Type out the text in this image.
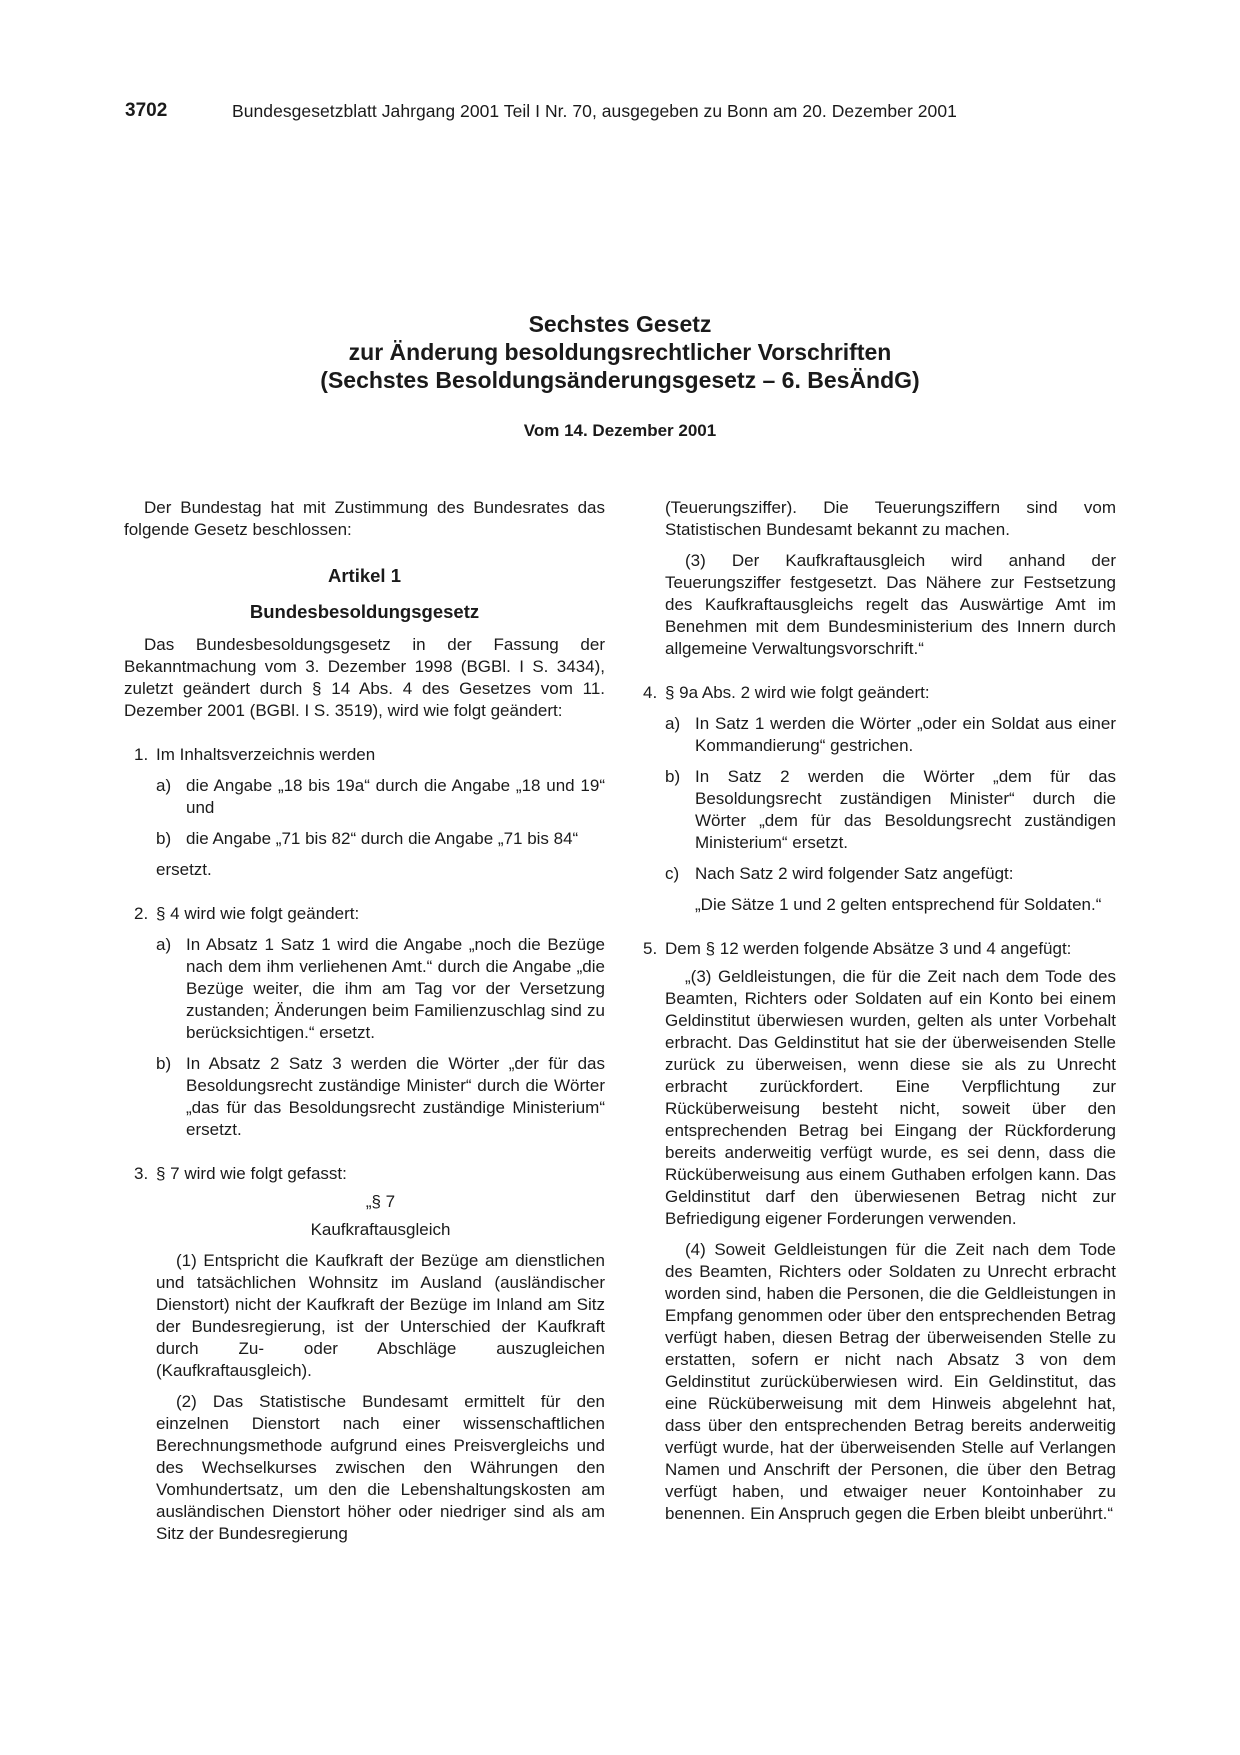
3702	Bundesgesetzblatt Jahrgang 2001 Teil I Nr. 70, ausgegeben zu Bonn am 20. Dezember 2001

Sechstes Gesetz

zur Änderung besoldungsrechtlicher Vorschriften

(Sechstes Besoldungsänderungsgesetz – 6. BesÄndG)

Vom 14. Dezember 2001

Der Bundestag hat mit Zustimmung des Bundesrates das folgende Gesetz beschlossen:

Artikel 1

Bundesbesoldungsgesetz

Das Bundesbesoldungsgesetz in der Fassung der Bekanntmachung vom 3. Dezember 1998 (BGBl. I S. 3434), zuletzt geändert durch § 14 Abs. 4 des Gesetzes vom 11. Dezember 2001 (BGBl. I S. 3519), wird wie folgt geändert:

1. Im Inhaltsverzeichnis werden

a) die Angabe „18 bis 19a“ durch die Angabe „18 und 19“ und

b) die Angabe „71 bis 82“ durch die Angabe „71 bis 84“

ersetzt.

2. § 4 wird wie folgt geändert:

a) In Absatz 1 Satz 1 wird die Angabe „noch die Bezüge nach dem ihm verliehenen Amt.“ durch die Angabe „die Bezüge weiter, die ihm am Tag vor der Versetzung zustanden; Änderungen beim Familienzuschlag sind zu berücksichtigen.“ ersetzt.

b) In Absatz 2 Satz 3 werden die Wörter „der für das Besoldungsrecht zuständige Minister“ durch die Wörter „das für das Besoldungsrecht zuständige Ministerium“ ersetzt.

3. § 7 wird wie folgt gefasst:

„§ 7

Kaufkraftausgleich

(1) Entspricht die Kaufkraft der Bezüge am dienstlichen und tatsächlichen Wohnsitz im Ausland (ausländischer Dienstort) nicht der Kaufkraft der Bezüge im Inland am Sitz der Bundesregierung, ist der Unterschied der Kaufkraft durch Zu- oder Abschläge auszugleichen (Kaufkraftausgleich).

(2) Das Statistische Bundesamt ermittelt für den einzelnen Dienstort nach einer wissenschaftlichen Berechnungsmethode aufgrund eines Preisvergleichs und des Wechselkurses zwischen den Währungen den Vomhundertsatz, um den die Lebenshaltungskosten am ausländischen Dienstort höher oder niedriger sind als am Sitz der Bundesregierung

(Teuerungsziffer). Die Teuerungsziffern sind vom Statistischen Bundesamt bekannt zu machen.

(3) Der Kaufkraftausgleich wird anhand der Teuerungsziffer festgesetzt. Das Nähere zur Festsetzung des Kaufkraftausgleichs regelt das Auswärtige Amt im Benehmen mit dem Bundesministerium des Innern durch allgemeine Verwaltungsvorschrift.“

4. § 9a Abs. 2 wird wie folgt geändert:

a) In Satz 1 werden die Wörter „oder ein Soldat aus einer Kommandierung“ gestrichen.

b) In Satz 2 werden die Wörter „dem für das Besoldungsrecht zuständigen Minister“ durch die Wörter „dem für das Besoldungsrecht zuständigen Ministerium“ ersetzt.

c) Nach Satz 2 wird folgender Satz angefügt:

„Die Sätze 1 und 2 gelten entsprechend für Soldaten.“

5. Dem § 12 werden folgende Absätze 3 und 4 angefügt:

„(3) Geldleistungen, die für die Zeit nach dem Tode des Beamten, Richters oder Soldaten auf ein Konto bei einem Geldinstitut überwiesen wurden, gelten als unter Vorbehalt erbracht. Das Geldinstitut hat sie der überweisenden Stelle zurück zu überweisen, wenn diese sie als zu Unrecht erbracht zurückfordert. Eine Verpflichtung zur Rücküberweisung besteht nicht, soweit über den entsprechenden Betrag bei Eingang der Rückforderung bereits anderweitig verfügt wurde, es sei denn, dass die Rücküberweisung aus einem Guthaben erfolgen kann. Das Geldinstitut darf den überwiesenen Betrag nicht zur Befriedigung eigener Forderungen verwenden.

(4) Soweit Geldleistungen für die Zeit nach dem Tode des Beamten, Richters oder Soldaten zu Unrecht erbracht worden sind, haben die Personen, die die Geldleistungen in Empfang genommen oder über den entsprechenden Betrag verfügt haben, diesen Betrag der überweisenden Stelle zu erstatten, sofern er nicht nach Absatz 3 von dem Geldinstitut zurücküberwiesen wird. Ein Geldinstitut, das eine Rücküberweisung mit dem Hinweis abgelehnt hat, dass über den entsprechenden Betrag bereits anderweitig verfügt wurde, hat der überweisenden Stelle auf Verlangen Namen und Anschrift der Personen, die über den Betrag verfügt haben, und etwaiger neuer Kontoinhaber zu benennen. Ein Anspruch gegen die Erben bleibt unberührt.“
